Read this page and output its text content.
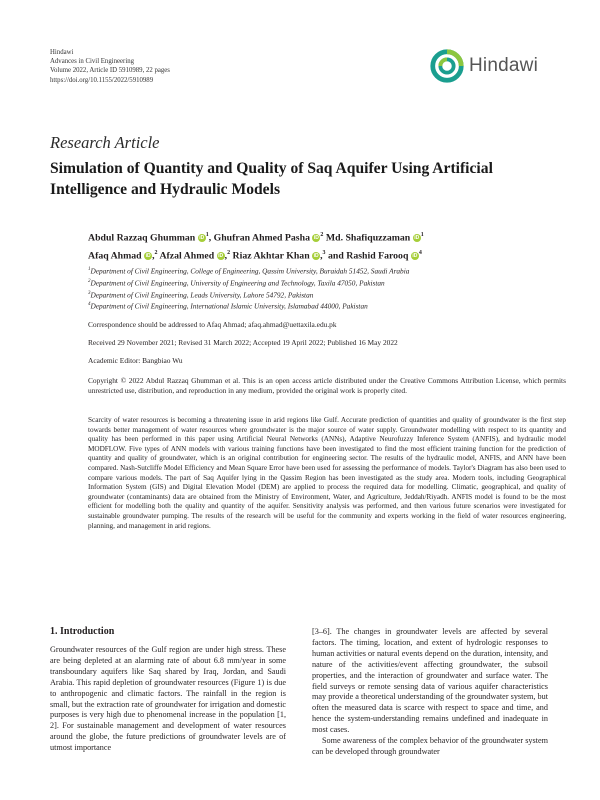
Hindawi
Advances in Civil Engineering
Volume 2022, Article ID 5910989, 22 pages
https://doi.org/10.1155/2022/5910989
Hindawi
Research Article
Simulation of Quantity and Quality of Saq Aquifer Using Artificial Intelligence and Hydraulic Models
Abdul Razzaq Ghumman $iD^1$, Ghufran Ahmed Pasha $iD^2$ Md. Shafiquzzaman $iD^1$
Afaq Ahmad iD ,$^2$ Afzal Ahmed iD ,$^2$ Riaz Akhtar Khan iD ,$^3$ and Rashid Farooq $iD^4$
$^1$Department of Civil Engineering, College of Engineering, Qassim University, Buraidah 51452, Saudi Arabia
$^2$Department of Civil Engineering, University of Engineering and Technology, Taxila 47050, Pakistan
$^3$Department of Civil Engineering, Leads University, Lahore 54792, Pakistan
$^4$Department of Civil Engineering, International Islamic University, Islamabad 44000, Pakistan
Correspondence should be addressed to Afaq Ahmad; afaq.ahmad@uettaxila.edu.pk
Received 29 November 2021; Revised 31 March 2022; Accepted 19 April 2022; Published 16 May 2022
Academic Editor: Bangbiao Wu
Copyright © 2022 Abdul Razzaq Ghumman et al. This is an open access article distributed under the Creative Commons Attribution License, which permits unrestricted use, distribution, and reproduction in any medium, provided the original work is properly cited.
Scarcity of water resources is becoming a threatening issue in arid regions like Gulf. Accurate prediction of quantities and quality of groundwater is the first step towards better management of water resources where groundwater is the major source of water supply. Groundwater modelling with respect to its quantity and quality has been performed in this paper using Artificial Neural Networks (ANNs), Adaptive Neurofuzzy Inference System (ANFIS), and hydraulic model MODFLOW. Five types of ANN models with various training functions have been investigated to find the most efficient training function for the prediction of quantity and quality of groundwater, which is an original contribution for engineering sector. The results of the hydraulic model, ANFIS, and ANN have been compared. Nash-Sutcliffe Model Efficiency and Mean Square Error have been used for assessing the performance of models. Taylor's Diagram has also been used to compare various models. The part of Saq Aquifer lying in the Qassim Region has been investigated as the study area. Modern tools, including Geographical Information System (GIS) and Digital Elevation Model (DEM) are applied to process the required data for modelling. Climatic, geographical, and quality of groundwater (contaminants) data are obtained from the Ministry of Environment, Water, and Agriculture, Jeddah/Riyadh. ANFIS model is found to be the most efficient for modelling both the quality and quantity of the aquifer. Sensitivity analysis was performed, and then various future scenarios were investigated for sustainable groundwater pumping. The results of the research will be useful for the community and experts working in the field of water resources engineering, planning, and management in arid regions.
1. Introduction

Groundwater resources of the Gulf region are under high stress. These are being depleted at an alarming rate of about 6.8 mm/year in some transboundary aquifers like Saq shared by Iraq, Jordan, and Saudi Arabia. This rapid depletion of groundwater resources (Figure 1) is due to anthropogenic and climatic factors. The rainfall in the region is small, but the extraction rate of groundwater for irrigation and domestic purposes is very high due to phenomenal increase in the population [1, 2]. For sustainable management and development of water resources around the globe, the future predictions of groundwater levels are of utmost importance

[3–6]. The changes in groundwater levels are affected by several factors. The timing, location, and extent of hydrologic responses to human activities or natural events depend on the duration, intensity, and nature of the activities/event affecting groundwater, the subsoil properties, and the interaction of groundwater and surface water. The field surveys or remote sensing data of various aquifer characteristics may provide a theoretical understanding of the groundwater system, but often the measured data is scarce with respect to space and time, and hence the system-understanding remains undefined and inadequate in most cases.

Some awareness of the complex behavior of the groundwater system can be developed through groundwater
